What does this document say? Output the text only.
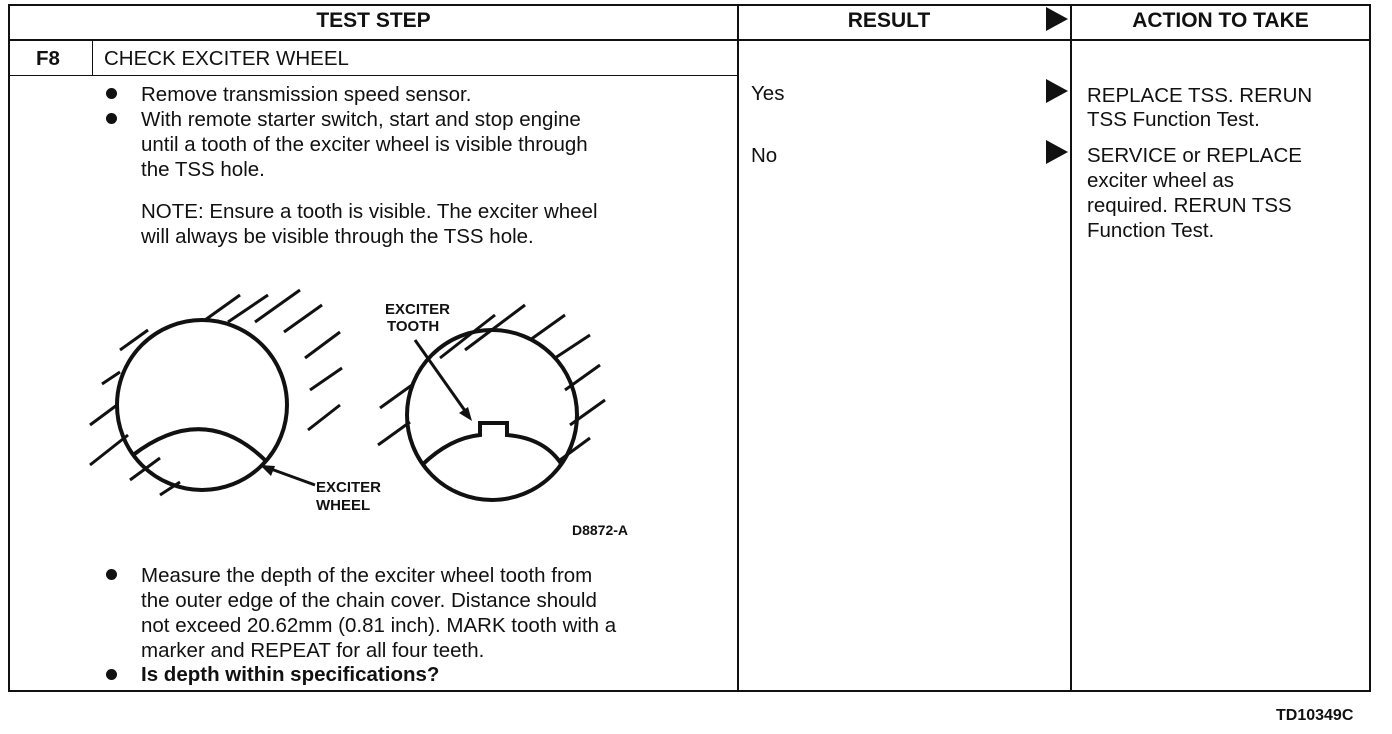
TEST STEP	RESULT	ACTION TO TAKE
F8 CHECK EXCITER WHEEL
Remove transmission speed sensor.
With remote starter switch, start and stop engine
until a tooth of the exciter wheel is visible through
the TSS hole.
NOTE: Ensure a tooth is visible. The exciter wheel
will always be visible through the TSS hole.
EXCITER
TOOTH
EXCITER
WHEEL
D8872-A
Measure the depth of the exciter wheel tooth from
the outer edge of the chain cover. Distance should
not exceed 20.62mm (0.81 inch). MARK tooth with a
marker and REPEAT for all four teeth.
Is depth within specifications?
Yes
No
REPLACE TSS. RERUN
TSS Function Test.
SERVICE or REPLACE
exciter wheel as
required. RERUN TSS
Function Test.
TD10349C
